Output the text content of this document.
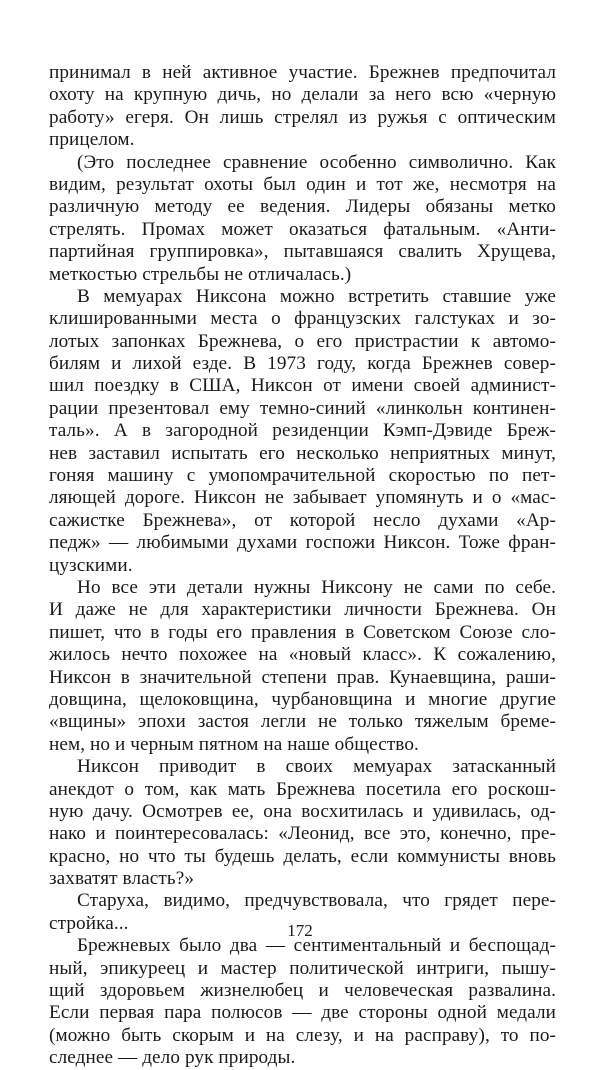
принимал в ней активное участие. Брежнев предпочитал
охоту на крупную дичь, но делали за него всю «черную
работу» егеря. Он лишь стрелял из ружья с оптическим
прицелом.
(Это последнее сравнение особенно символично. Как
видим, результат охоты был один и тот же, несмотря на
различную методу ее ведения. Лидеры обязаны метко
стрелять. Промах может оказаться фатальным. «Анти-
партийная группировка», пытавшаяся свалить Хрущева,
меткостью стрельбы не отличалась.)
В мемуарах Никсона можно встретить ставшие уже
клишированными места о французских галстуках и зо-
лотых запонках Брежнева, о его пристрастии к автомо-
билям и лихой езде. В 1973 году, когда Брежнев совер-
шил поездку в США, Никсон от имени своей админист-
рации презентовал ему темно-синий «линкольн континен-
таль». А в загородной резиденции Кэмп-Дэвиде Бреж-
нев заставил испытать его несколько неприятных минут,
гоняя машину с умопомрачительной скоростью по пет-
ляющей дороге. Никсон не забывает упомянуть и о «мас-
сажистке Брежнева», от которой несло духами «Ар-
педж» — любимыми духами госпожи Никсон. Тоже фран-
цузскими.
Но все эти детали нужны Никсону не сами по себе.
И даже не для характеристики личности Брежнева. Он
пишет, что в годы его правления в Советском Союзе сло-
жилось нечто похожее на «новый класс». К сожалению,
Никсон в значительной степени прав. Кунаевщина, раши-
довщина, щелоковщина, чурбановщина и многие другие
«вщины» эпохи застоя легли не только тяжелым бреме-
нем, но и черным пятном на наше общество.
Никсон приводит в своих мемуарах затасканный
анекдот о том, как мать Брежнева посетила его роскош-
ную дачу. Осмотрев ее, она восхитилась и удивилась, од-
нако и поинтересовалась: «Леонид, все это, конечно, пре-
красно, но что ты будешь делать, если коммунисты вновь
захватят власть?»
Старуха, видимо, предчувствовала, что грядет пере-
стройка...
Брежневых было два — сентиментальный и беспощад-
ный, эпикуреец и мастер политической интриги, пышу-
щий здоровьем жизнелюбец и человеческая развалина.
Если первая пара полюсов — две стороны одной медали
(можно быть скорым и на слезу, и на расправу), то по-
следнее — дело рук природы.
172
